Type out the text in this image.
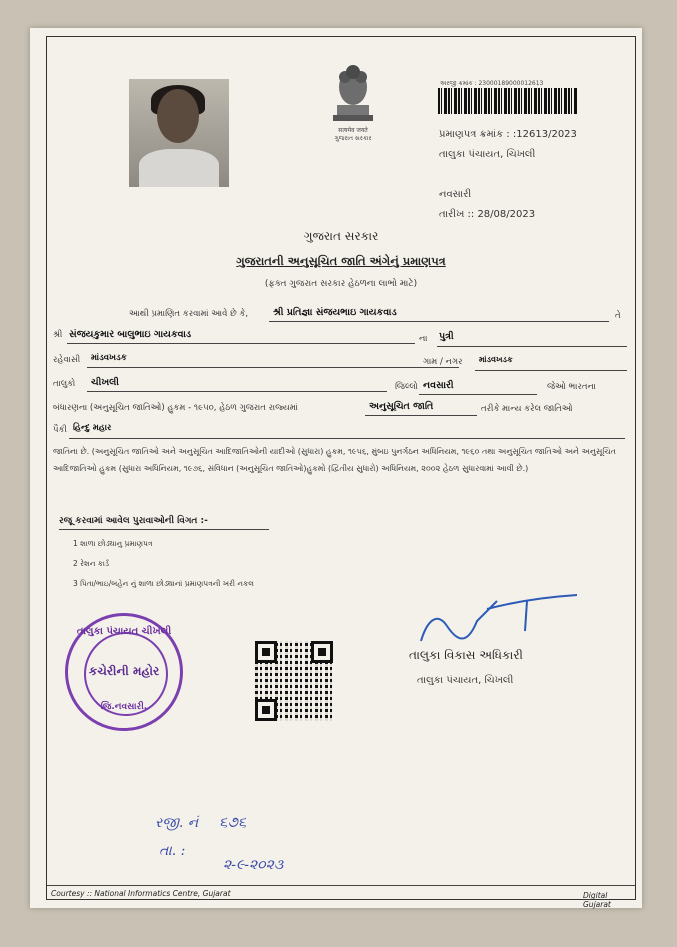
सत्यमेव जयते
ગુજરાત સરકાર
અરજી ક્રમાંક : 23000189000012613
પ્રમાણપત્ર ક્રમાંક : :12613/2023
તાલુકા પંચાયત, ચિખલી
નવસારી
તારીખ :: 28/08/2023
ગુજરાત સરકાર
ગુજરાતની અનુસૂચિત જાતિ અંગેનું પ્રમાણપત્ર
(ફક્ત ગુજરાત સરકાર હેઠળના લાભો માટે)
આથી પ્રમાણિત કરવામાં આવે છે કે,	શ્રી પ્રતિજ્ઞા સંજયભાઇ ગાયકવાડ	તે
શ્રી સંજયકુમાર બાલુભાઇ ગાયકવાડ	ના પુત્રી
રહેવાસી માંડવખડક	ગામ / નગર માંડવખડક
તાલુકો ચીખલી	જિલ્લો નવસારી	જેઓ ભારતના
બંધારણના (અનુસૂચિત જાતિઓ) હુકમ - ૧૯૫૦, હેઠળ ગુજરાત રાજ્યમાં	અનુસૂચિત જાતિ	તરીકે માન્ય કરેલ જાતિઓ
પૈકી હિન્દુ મહાર
જાતિના છે. (અનુસૂચિત જાતિઓ અને અનુસૂચિત આદિજાતિઓની યાદીઓ (સુધારા) હુકમ, ૧૯૫૬, મુંબઇ પુનર્ગઠન અધિનિયમ, ૧૯૬૦ તથા અનુસૂચિત જાતિઓ અને અનુસૂચિત આદિજાતિઓ હુકમ (સુધારા અધિનિયમ, ૧૯૭૬, સંવિધાન (અનુસૂચિત જાતિઓ)હુકમો (દ્વિતીય સુધારો) અધિનિયમ, ૨૦૦૨ હેઠળ સુધારવામાં આવી છે.)
રજૂ કરવામાં આવેલ પુરાવાઓની વિગત :-
1 શાળા છોડ્યાનુ પ્રમાણપત્ર
2 રેશન કાર્ડ
3 પિતા/ભાઇ/બહેન નું શાળા છોડ્યાનાં પ્રમાણપત્રની ખરી નકલ
તાલુકા પંચાયત ચીખલી
કચેરીની મહોર
જિ.નવસારી.
તાલુકા વિકાસ અધિકારી
તાલુકા પંચાયત, ચિખલી
રજી. નં ૬૭૬
તા. :
૨-૯-૨૦૨૩
Courtesy :: National Informatics Centre, Gujarat	Digital Gujarat
